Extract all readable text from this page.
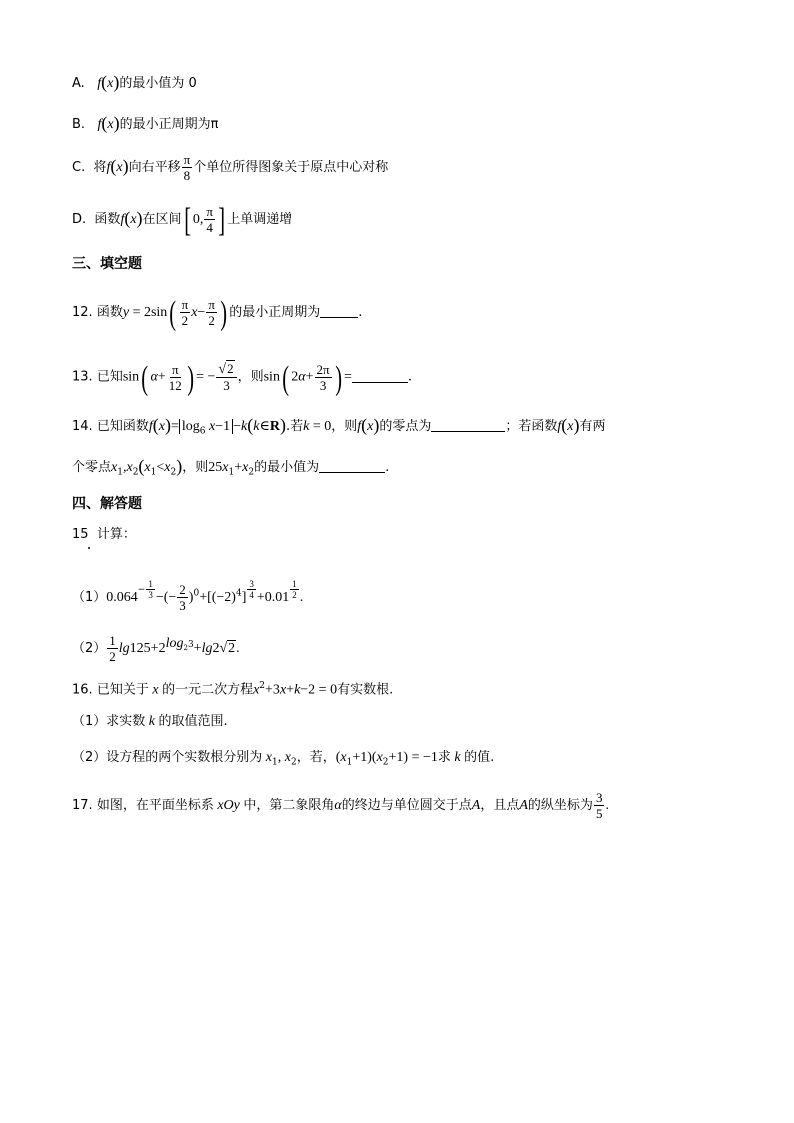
A. f(x)的最小值为 0
B. f(x)的最小正周期为π
C. 将f(x)向右平移 $\frac{\pi}{8}$ 个单位所得图象关于原点中心对称
D. 函数f(x)在区间[ 0, $\frac{\pi}{4}$ ] 上单调递增
三、填空题
12. 函数$y = 2\sin( \frac{\pi}{2} x- \frac{\pi}{2}$ ) 的最小正周期为	.
13. 已知sin( $\alpha+ \frac{\pi}{12}$ ) = − $\frac{√2}{3}$ ，则sin( $2\alpha+ \frac{2\pi}{3}$ ) =	.
14. 已知函数$f(x)= \log_6 x-1$ −k(k∈R).若k = 0，则f(x)的零点为	；若函数f(x)有两
个零点$x_1,x_2(x_1<x_2)$，则$25x_1+x_2$的最小值为	.
四、解答题
15 计算：
$(1)0.064^{- \frac{1}{3}}$ −(− $\frac{2}{3} )^0+[(-2)^4]$ $^{\frac{3}{4}}$ +0.01 $^{\frac{1}{2}}$ .
$(2) \frac{1}{2} \lg 125+2^{log_23}+\lg 2√2$.
16. 已知关于 x 的一元二次方程$x^2+3x+k-2 = 0$有实数根.
（1）求实数 k 的取值范围.
（2）设方程的两个实数根分别为 $x_1$, $x_2$，若，$(x_1+1)(x_2+1) = -1$求 k 的值.
17. 如图，在平面坐标系 xOy 中，第二象限角α的终边与单位圆交于点A，且点A的纵坐标为 $\frac{3}{5}$ .
